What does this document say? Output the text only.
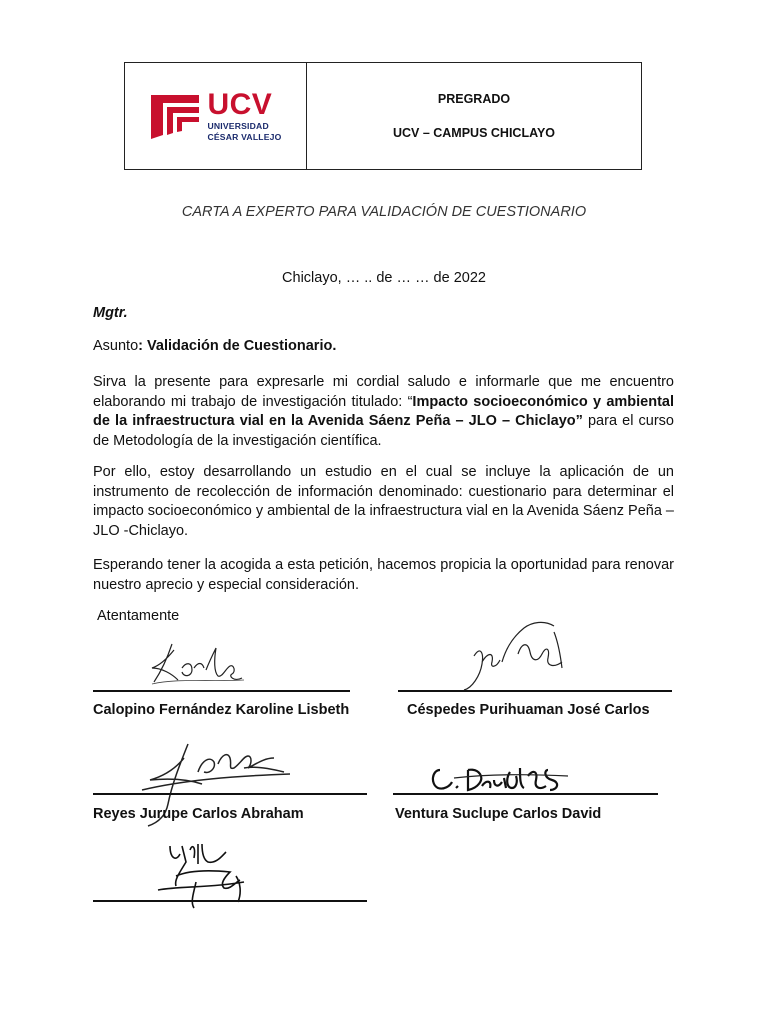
UCV
UNIVERSIDAD
CÉSAR VALLEJO
PREGRADO
UCV – CAMPUS CHICLAYO
CARTA A EXPERTO PARA VALIDACIÓN DE CUESTIONARIO
Chiclayo, … .. de … … de 2022
Mgtr.
Asunto: Validación de Cuestionario.
Sirva la presente para expresarle mi cordial saludo e informarle que me encuentro elaborando mi trabajo de investigación titulado: “Impacto socioeconómico y ambiental de la infraestructura vial en la Avenida Sáenz Peña – JLO – Chiclayo” para el curso de Metodología de la investigación científica.
Por ello, estoy desarrollando un estudio en el cual se incluye la aplicación de un instrumento de recolección de información denominado: cuestionario para determinar el impacto socioeconómico y ambiental de la infraestructura vial en la Avenida Sáenz Peña – JLO -Chiclayo.
Esperando tener la acogida a esta petición, hacemos propicia la oportunidad para renovar nuestro aprecio y especial consideración.
Atentamente
Calopino Fernández Karoline Lisbeth	Céspedes Purihuaman José Carlos
Reyes Jurupe Carlos Abraham	Ventura Suclupe Carlos David
